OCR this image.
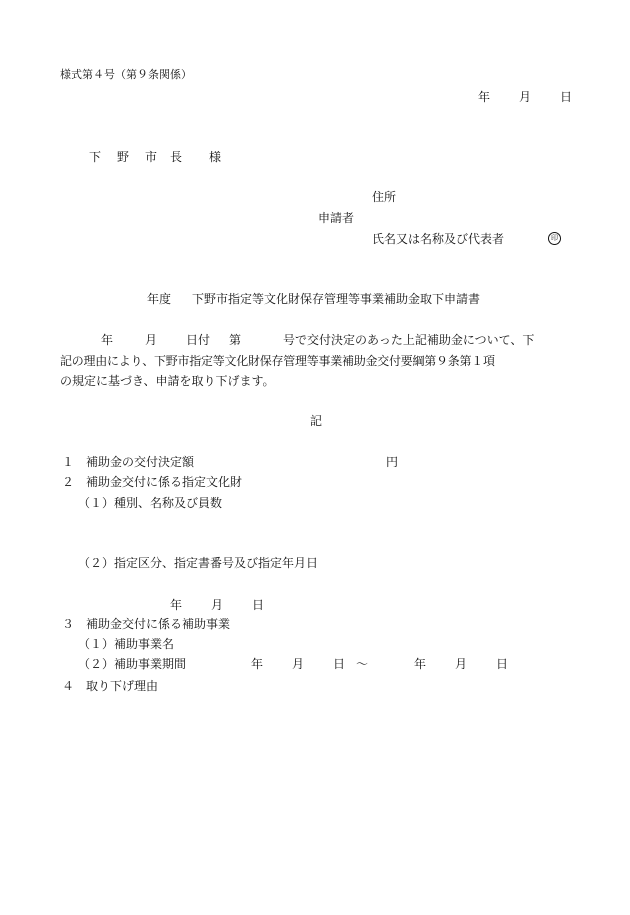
様式第４号（第９条関係）
年 月 日
下 野 市 長 様
住所
申請者
氏名又は名称及び代表者	印
年度 下野市指定等文化財保存管理等事業補助金取下申請書
年	月 日付 第	号で交付決定のあった上記補助金について、下
記の理由により、下野市指定等文化財保存管理等事業補助金交付要綱第９条第１項
の規定に基づき、申請を取り下げます。
記
１　補助金の交付決定額	円
２　補助金交付に係る指定文化財
（１）種別、名称及び員数
（２）指定区分、指定書番号及び指定年月日
年 月 日
３　補助金交付に係る補助事業
（１）補助事業名
（２）補助事業期間	年 月 日 ～	年 月 日
４　取り下げ理由
